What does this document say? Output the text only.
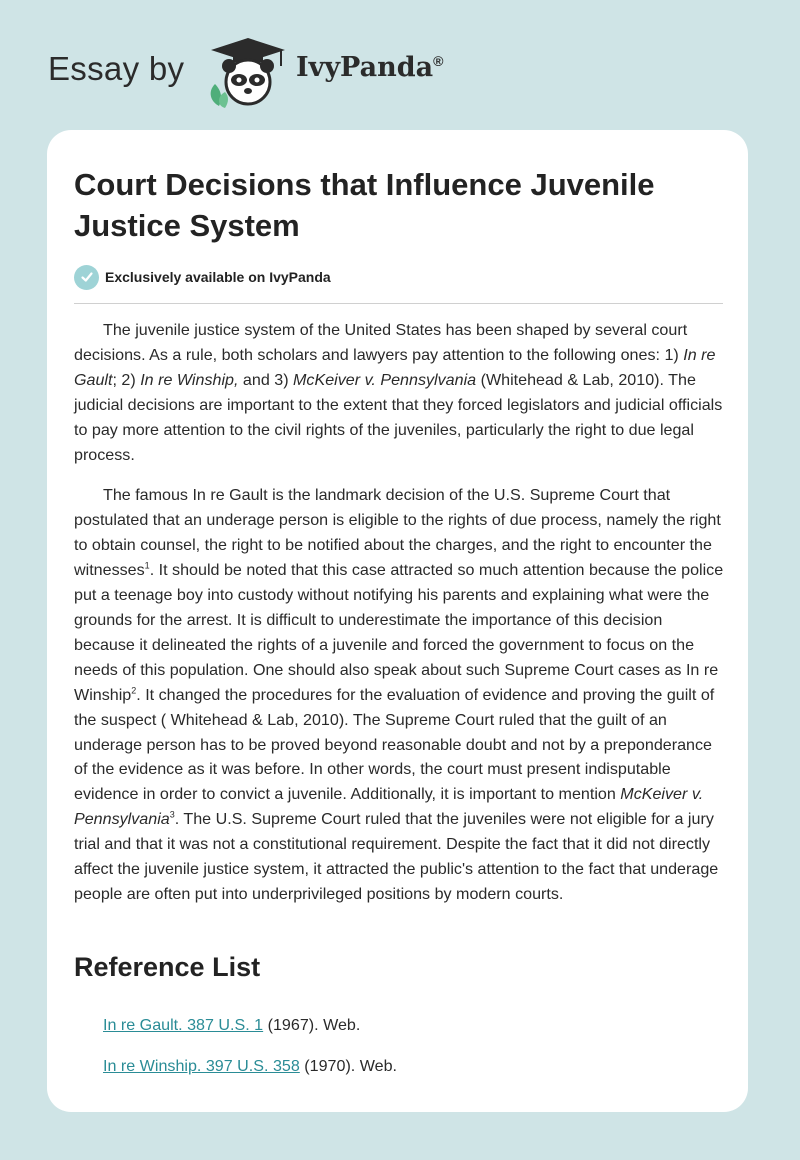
Essay by	IvyPanda®
Court Decisions that Influence Juvenile Justice System
Exclusively available on IvyPanda

The juvenile justice system of the United States has been shaped by several court decisions. As a rule, both scholars and lawyers pay attention to the following ones: 1) In re Gault; 2) In re Winship, and 3) McKeiver v. Pennsylvania (Whitehead & Lab, 2010). The judicial decisions are important to the extent that they forced legislators and judicial officials to pay more attention to the civil rights of the juveniles, particularly the right to due legal process.

The famous In re Gault is the landmark decision of the U.S. Supreme Court that postulated that an underage person is eligible to the rights of due process, namely the right to obtain counsel, the right to be notified about the charges, and the right to encounter the witnesses$^1$. It should be noted that this case attracted so much attention because the police put a teenage boy into custody without notifying his parents and explaining what were the grounds for the arrest. It is difficult to underestimate the importance of this decision because it delineated the rights of a juvenile and forced the government to focus on the needs of this population. One should also speak about such Supreme Court cases as In re Winship$^2$. It changed the procedures for the evaluation of evidence and proving the guilt of the suspect ( Whitehead & Lab, 2010). The Supreme Court ruled that the guilt of an underage person has to be proved beyond reasonable doubt and not by a preponderance of the evidence as it was before. In other words, the court must present indisputable evidence in order to convict a juvenile. Additionally, it is important to mention McKeiver v. Pennsylvania$^3$. The U.S. Supreme Court ruled that the juveniles were not eligible for a jury trial and that it was not a constitutional requirement. Despite the fact that it did not directly affect the juvenile justice system, it attracted the public's attention to the fact that underage people are often put into underprivileged positions by modern courts.

Reference List
In re Gault. 387 U.S. 1 (1967). Web.
In re Winship. 397 U.S. 358 (1970). Web.
